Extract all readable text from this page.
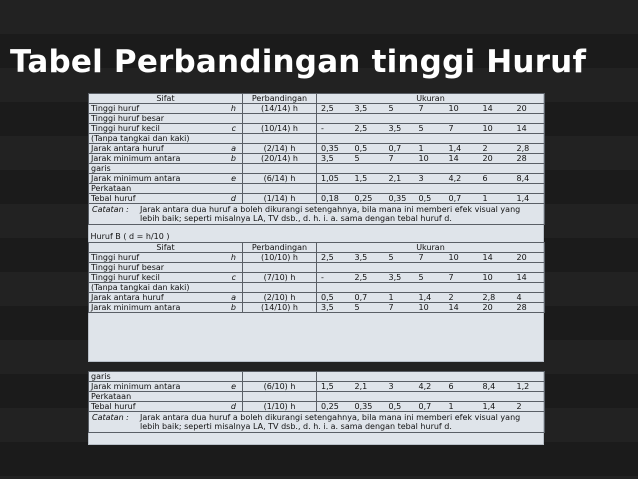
Tabel Perbandingan tinggi Huruf
Sifat		Perbandingan	Ukuran						
Tinggi huruf	h	(14/14) h	2,5	3,5	5	7	10	14	20
Tinggi huruf besar									
Tinggi huruf kecil	c	(10/14) h	-	2,5	3,5	5	7	10	14
(Tanpa tangkai dan kaki)									
Jarak antara huruf	a	(2/14) h	0,35	0,5	0,7	1	1,4	2	2,8
Jarak minimum antara	b	(20/14) h	3,5	5	7	10	14	20	28
garis									
Jarak minimum antara	e	(6/14) h	1,05	1,5	2,1	3	4,2	6	8,4
Perkataan									
Tebal huruf	d	(1/14) h	0,18	0,25	0,35	0,5	0,7	1	1,4
Catatan : Jarak antara dua huruf a boleh dikurangi setengahnya, bila mana ini memberi efek visual yang lebih baik; seperti misalnya LA, TV dsb., d. h. i. a. sama dengan tebal huruf d.									

Huruf B ( d = h/10 )									
Sifat		Perbandingan	Ukuran						
Tinggi huruf	h	(10/10) h	2,5	3,5	5	7	10	14	20
Tinggi huruf besar									
Tinggi huruf kecil	c	(7/10) h	-	2,5	3,5	5	7	10	14
(Tanpa tangkai dan kaki)									
Jarak antara huruf	a	(2/10) h	0,5	0,7	1	1,4	2	2,8	4
Jarak minimum antara	b	(14/10) h	3,5	5	7	10	14	20	28
garis									
Jarak minimum antara	e	(6/10) h	1,5	2,1	3	4,2	6	8,4	1,2
Perkataan									
Tebal huruf	d	(1/10) h	0,25	0,35	0,5	0,7	1	1,4	2
Catatan : Jarak antara dua huruf a boleh dikurangi setengahnya, bila mana ini memberi efek visual yang lebih baik; seperti misalnya LA, TV dsb., d. h. i. a. sama dengan tebal huruf d.									
